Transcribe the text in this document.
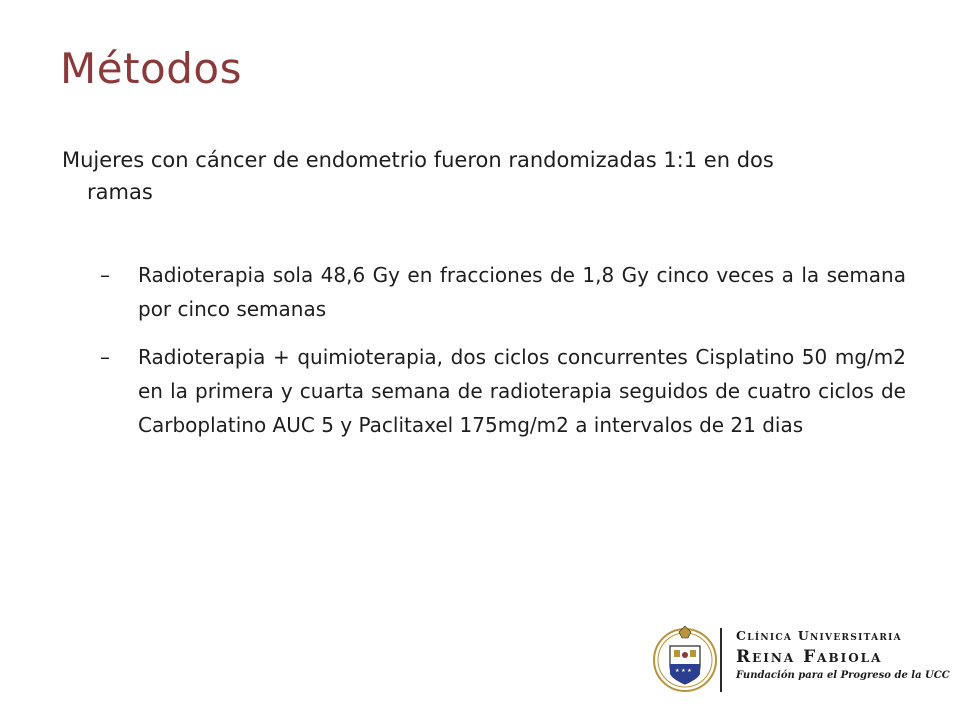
Métodos
Mujeres con cáncer de endometrio fueron randomizadas 1:1 en dos ramas
– Radioterapia sola 48,6 Gy en fracciones de 1,8 Gy cinco veces a la semana por cinco semanas
– Radioterapia + quimioterapia, dos ciclos concurrentes Cisplatino 50 mg/m2 en la primera y cuarta semana de radioterapia seguidos de cuatro ciclos de Carboplatino AUC 5 y Paclitaxel 175mg/m2 a intervalos de 21 dias
★ ★ ★
Clínica Universitaria
Reina Fabiola
Fundación para el Progreso de la UCC
